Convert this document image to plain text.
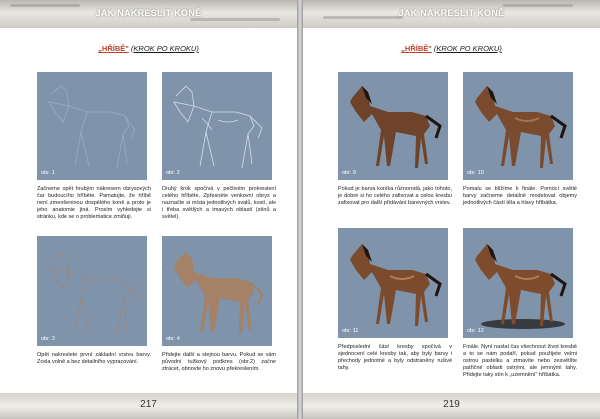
JAK NAKRESLIT KONĚ
„HŘÍBĚ" (KROK PO KROKU)
obr. 1
Začneme opět hrubým nákresem obrysových čar budoucího hříběte. Pamatujte, že hříbě není zmenšeninou dospělého koně a proto je jeho anatomie jiná. Prosím vyhledejte si stránku, kde se o problematice zmiňuji.
obr. 2
Druhý krok spočívá v pečlivém prokreslení celého hříběte. Zpřesněte venkovní obrys a naznačte si místa jednotlivých svalů, kostí, ale i třeba světlých a tmavých oblastí (stínů a světel).
obr. 3
Opět nakreslete první základní vrstvu barvy. Zcela volně a bez detailního vypracování.
obr. 4
Přidejte další a stejnou barvu. Pokud se vám původní tužkový podkres (obr.2) začne ztrácet, obnovte ho znovu překreslením.
217
JAK NAKRESLIT KONĚ
„HŘÍBĚ" (KROK PO KROKU)
obr. 9
Pokud je barva koníka různorodá, jako tohoto, je dobré si ho celého zafixovat a celou kresbu zafixovat pro další přidávání barevných vrstev.
obr. 10
Pomalu se blížíme k finále. Pomocí světlé barvy začneme detailně modelovat objemy jednotlivých částí těla a hlavy hříbátka.
obr. 11
Předposlední část kresby spočívá v sjednocení celé kresby tak, aby byly barvy i přechody jednotné a byly odstraněny rušivé tahy.
obr. 12
Finále. Nyní nastal čas všechnout život kresbě a to se nám podaří, pokud použijete velmi ostrou pastelku a ztmavíte nebo zesvětlíte patřičné oblasti ostrými, ale jemnými tahy. Přidejte taky stín k „uzemnění" hříbátka.
219
